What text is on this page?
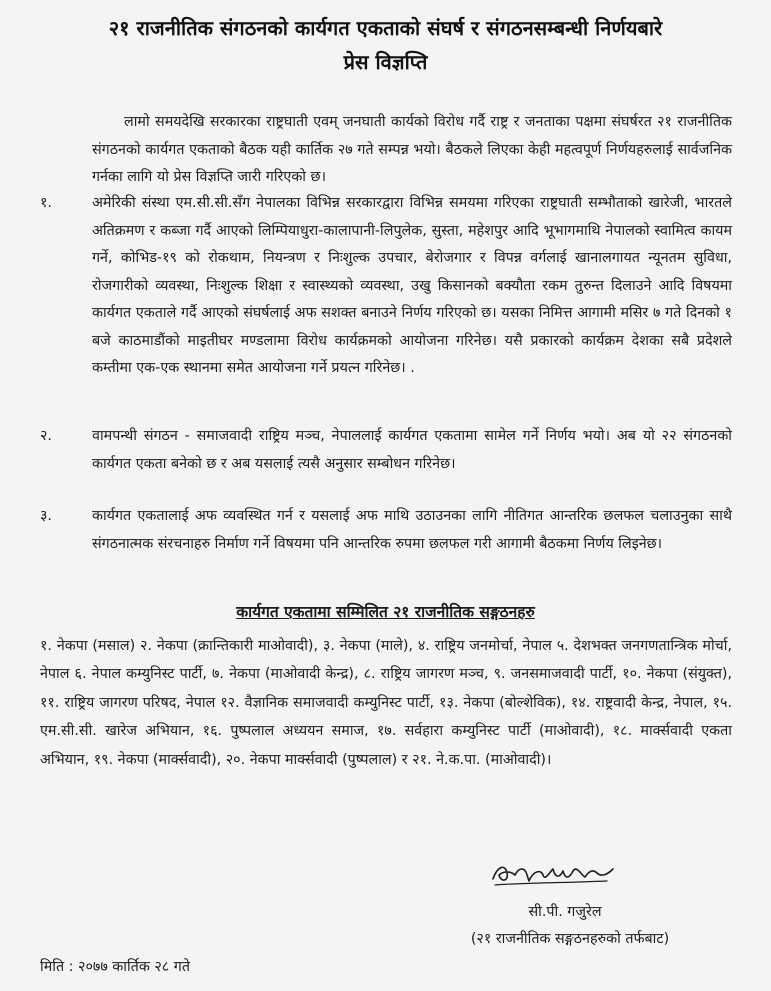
२१ राजनीतिक संगठनको कार्यगत एकताको संघर्ष र संगठनसम्बन्धी निर्णयबारे
प्रेस विज्ञप्ति
लामो समयदेखि सरकारका राष्ट्रघाती एवम् जनघाती कार्यको विरोध गर्दै राष्ट्र र जनताका पक्षमा संघर्षरत २१ राजनीतिक संगठनको कार्यगत एकताको बैठक यही कार्तिक २७ गते सम्पन्न भयो। बैठकले लिएका केही महत्वपूर्ण निर्णयहरुलाई सार्वजनिक गर्नका लागि यो प्रेस विज्ञप्ति जारी गरिएको छ।
१.	अमेरिकी संस्था एम.सी.सी.सँग नेपालका विभिन्न सरकारद्वारा विभिन्न समयमा गरिएका राष्ट्रघाती सम्भौताको खारेजी, भारतले अतिक्रमण र कब्जा गर्दै आएको लिम्पियाधुरा-कालापानी-लिपुलेक, सुस्ता, महेशपुर आदि भूभागमाथि नेपालको स्वामित्व कायम गर्ने, कोभिड-१९ को रोकथाम, नियन्त्रण र निःशुल्क उपचार, बेरोजगार र विपन्न वर्गलाई खानालगायत न्यूनतम सुविधा, रोजगारीको व्यवस्था, निःशुल्क शिक्षा र स्वास्थ्यको व्यवस्था, उखु किसानको बक्यौता रकम तुरुन्त दिलाउने आदि विषयमा कार्यगत एकताले गर्दै आएको संघर्षलाई अफ सशक्त बनाउने निर्णय गरिएको छ। यसका निमित्त आगामी मसिर ७ गते दिनको १ बजे काठमाडौंको माइतीघर मण्डलामा विरोध कार्यक्रमको आयोजना गरिनेछ। यसै प्रकारको कार्यक्रम देशका सबै प्रदेशले कम्तीमा एक-एक स्थानमा समेत आयोजना गर्ने प्रयत्न गरिनेछ। .
२.	वामपन्थी संगठन - समाजवादी राष्ट्रिय मञ्च, नेपाललाई कार्यगत एकतामा सामेल गर्ने निर्णय भयो। अब यो २२ संगठनको कार्यगत एकता बनेको छ र अब यसलाई त्यसै अनुसार सम्बोधन गरिनेछ।
३.	कार्यगत एकतालाई अफ व्यवस्थित गर्न र यसलाई अफ माथि उठाउनका लागि नीतिगत आन्तरिक छलफल चलाउनुका साथै संगठनात्मक संरचनाहरु निर्माण गर्ने विषयमा पनि आन्तरिक रुपमा छलफल गरी आगामी बैठकमा निर्णय लिइनेछ।
कार्यगत एकतामा सम्मिलित २१ राजनीतिक सङ्गठनहरु
१. नेकपा (मसाल) २. नेकपा (क्रान्तिकारी माओवादी), ३. नेकपा (माले), ४. राष्ट्रिय जनमोर्चा, नेपाल ५. देशभक्त जनगणतान्त्रिक मोर्चा, नेपाल ६. नेपाल कम्युनिस्ट पार्टी, ७. नेकपा (माओवादी केन्द्र), ८. राष्ट्रिय जागरण मञ्च, ९. जनसमाजवादी पार्टी, १०. नेकपा (संयुक्त), ११. राष्ट्रिय जागरण परिषद, नेपाल १२. वैज्ञानिक समाजवादी कम्युनिस्ट पार्टी, १३. नेकपा (बोल्शेविक), १४. राष्ट्रवादी केन्द्र, नेपाल, १५. एम.सी.सी. खारेज अभियान, १६. पुष्पलाल अध्ययन समाज, १७. सर्वहारा कम्युनिस्ट पार्टी (माओवादी), १८. मार्क्सवादी एकता अभियान, १९. नेकपा (मार्क्सवादी), २०. नेकपा मार्क्सवादी (पुष्पलाल) र २१. ने.क.पा. (माओवादी)।
सी.पी. गजुरेल
(२१ राजनीतिक सङ्गठनहरुको तर्फबाट)
मिति : २०७७ कार्तिक २८ गते
